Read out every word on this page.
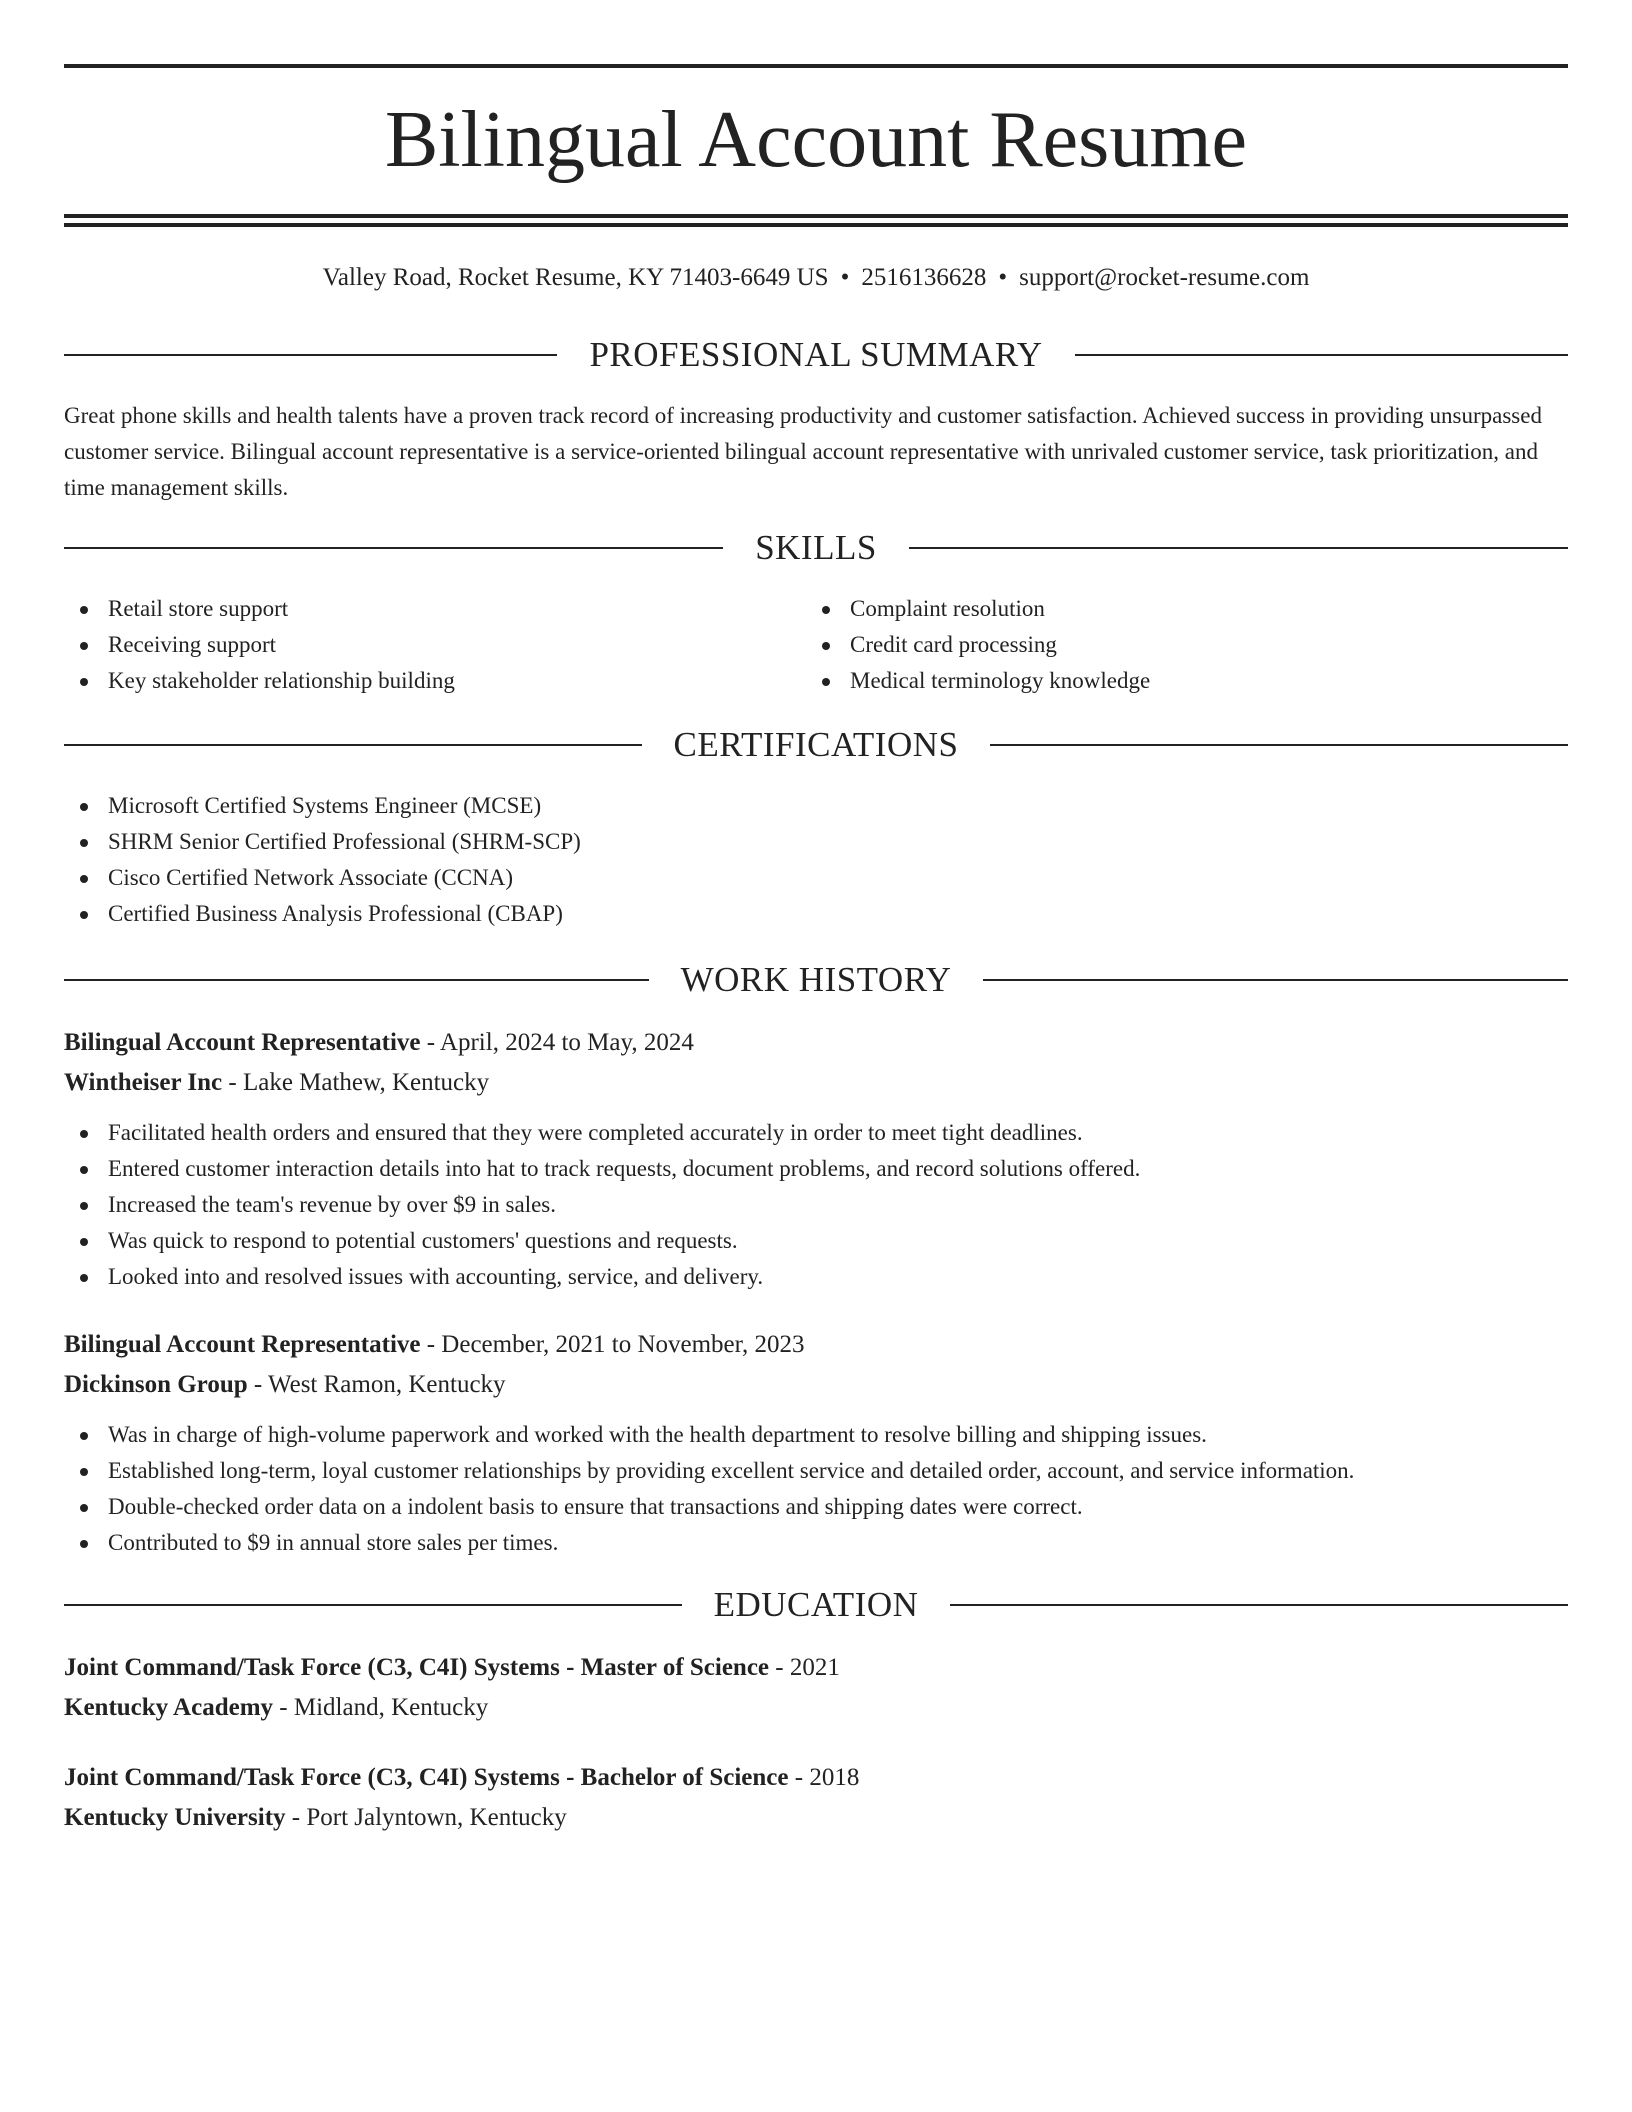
Bilingual Account Resume
Valley Road, Rocket Resume, KY 71403-6649 US • 2516136628 • support@rocket-resume.com
PROFESSIONAL SUMMARY
Great phone skills and health talents have a proven track record of increasing productivity and customer satisfaction. Achieved success in providing unsurpassed customer service. Bilingual account representative is a service-oriented bilingual account representative with unrivaled customer service, task prioritization, and time management skills.
SKILLS
Retail store support
Receiving support
Key stakeholder relationship building
Complaint resolution
Credit card processing
Medical terminology knowledge
CERTIFICATIONS
Microsoft Certified Systems Engineer (MCSE)
SHRM Senior Certified Professional (SHRM-SCP)
Cisco Certified Network Associate (CCNA)
Certified Business Analysis Professional (CBAP)
WORK HISTORY
Bilingual Account Representative - April, 2024 to May, 2024
Wintheiser Inc - Lake Mathew, Kentucky
Facilitated health orders and ensured that they were completed accurately in order to meet tight deadlines.
Entered customer interaction details into hat to track requests, document problems, and record solutions offered.
Increased the team's revenue by over $9 in sales.
Was quick to respond to potential customers' questions and requests.
Looked into and resolved issues with accounting, service, and delivery.
Bilingual Account Representative - December, 2021 to November, 2023
Dickinson Group - West Ramon, Kentucky
Was in charge of high-volume paperwork and worked with the health department to resolve billing and shipping issues.
Established long-term, loyal customer relationships by providing excellent service and detailed order, account, and service information.
Double-checked order data on a indolent basis to ensure that transactions and shipping dates were correct.
Contributed to $9 in annual store sales per times.
EDUCATION
Joint Command/Task Force (C3, C4I) Systems - Master of Science - 2021
Kentucky Academy - Midland, Kentucky
Joint Command/Task Force (C3, C4I) Systems - Bachelor of Science - 2018
Kentucky University - Port Jalyntown, Kentucky
